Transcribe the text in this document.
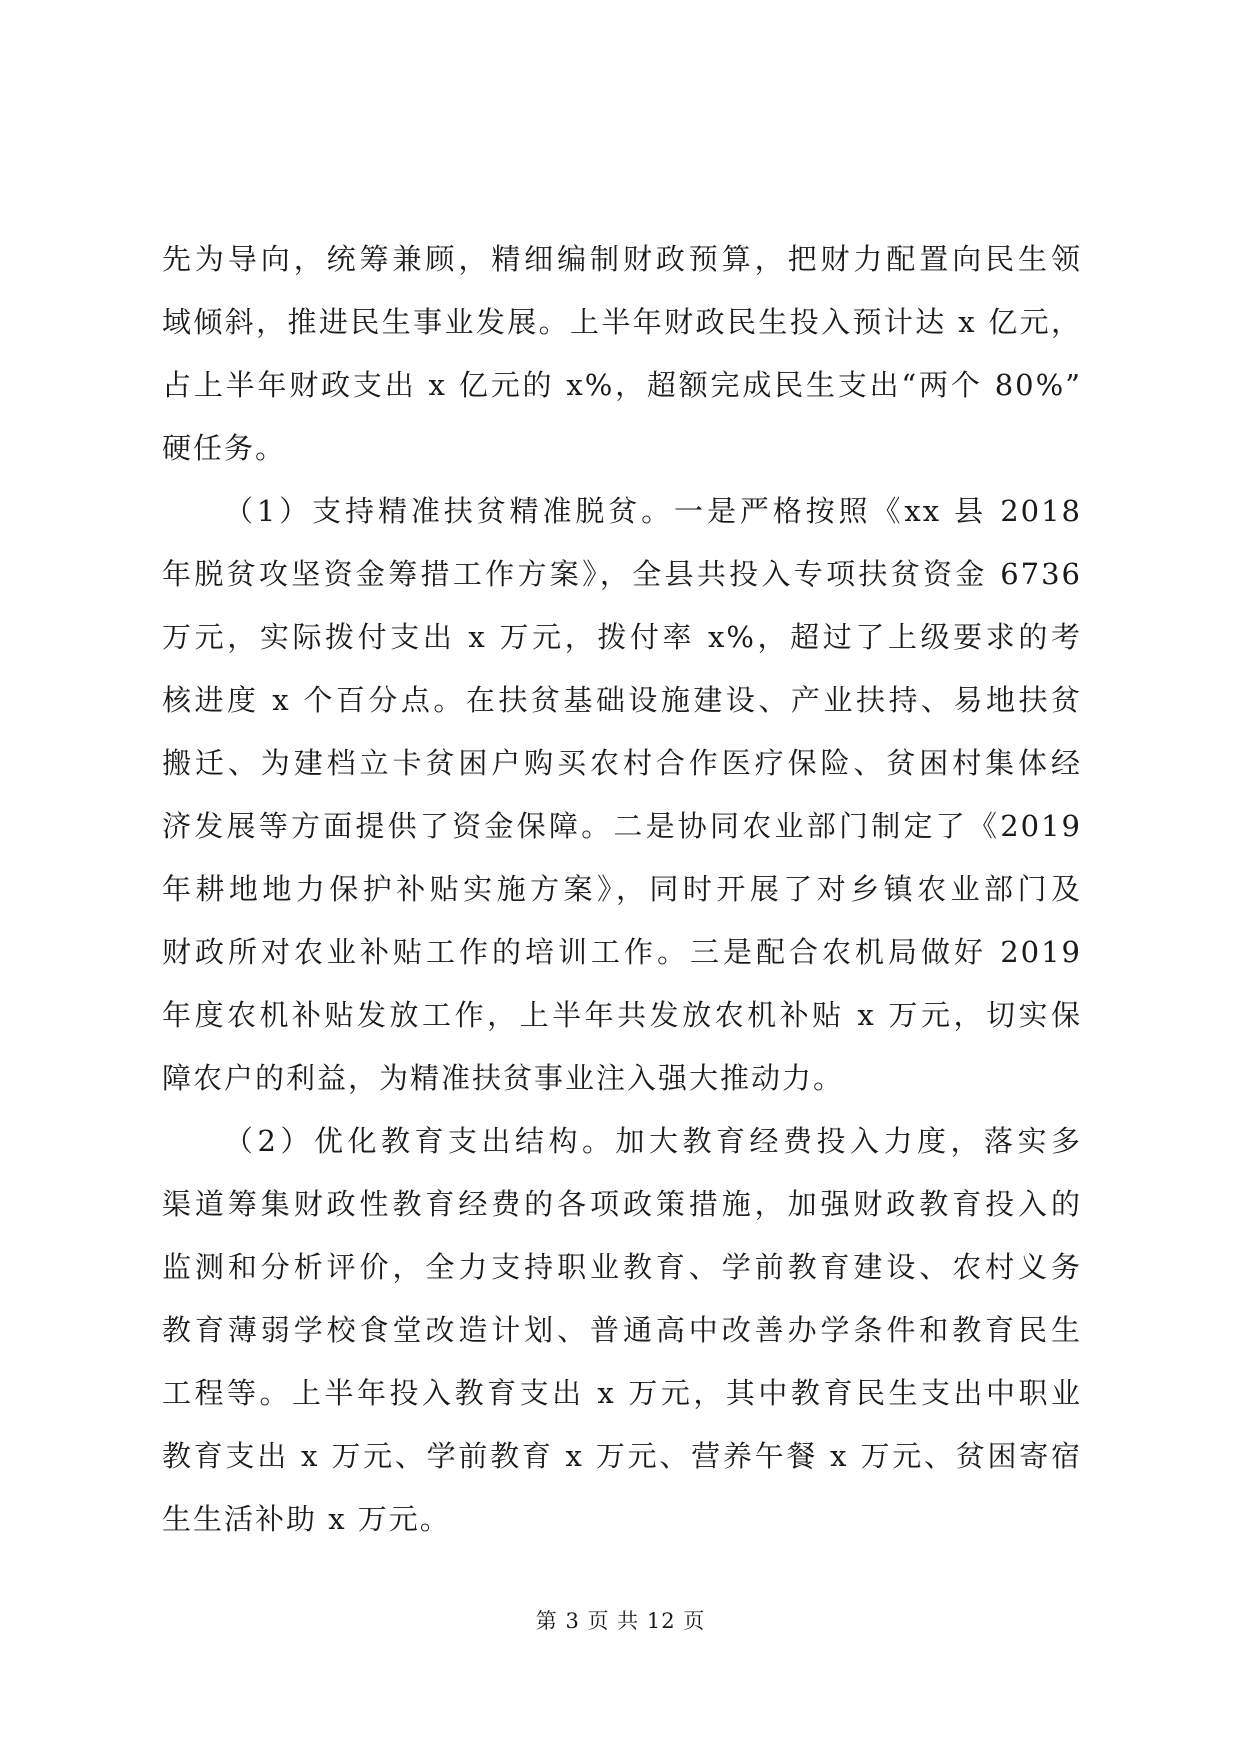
先为导向，统筹兼顾，精细编制财政预算，把财力配置向民生领
域倾斜，推进民生事业发展。上半年财政民生投入预计达 x 亿元，
占上半年财政支出 x 亿元的 x%，超额完成民生支出“两个 80%”
硬任务。
（1）支持精准扶贫精准脱贫。一是严格按照《xx 县 2018
年脱贫攻坚资金筹措工作方案》，全县共投入专项扶贫资金 6736
万元，实际拨付支出 x 万元，拨付率 x%，超过了上级要求的考
核进度 x 个百分点。在扶贫基础设施建设、产业扶持、易地扶贫
搬迁、为建档立卡贫困户购买农村合作医疗保险、贫困村集体经
济发展等方面提供了资金保障。二是协同农业部门制定了《2019
年耕地地力保护补贴实施方案》，同时开展了对乡镇农业部门及
财政所对农业补贴工作的培训工作。三是配合农机局做好 2019
年度农机补贴发放工作，上半年共发放农机补贴 x 万元，切实保
障农户的利益，为精准扶贫事业注入强大推动力。
（2）优化教育支出结构。加大教育经费投入力度，落实多
渠道筹集财政性教育经费的各项政策措施，加强财政教育投入的
监测和分析评价，全力支持职业教育、学前教育建设、农村义务
教育薄弱学校食堂改造计划、普通高中改善办学条件和教育民生
工程等。上半年投入教育支出 x 万元，其中教育民生支出中职业
教育支出 x 万元、学前教育 x 万元、营养午餐 x 万元、贫困寄宿
生生活补助 x 万元。
第 3 页 共 12 页
